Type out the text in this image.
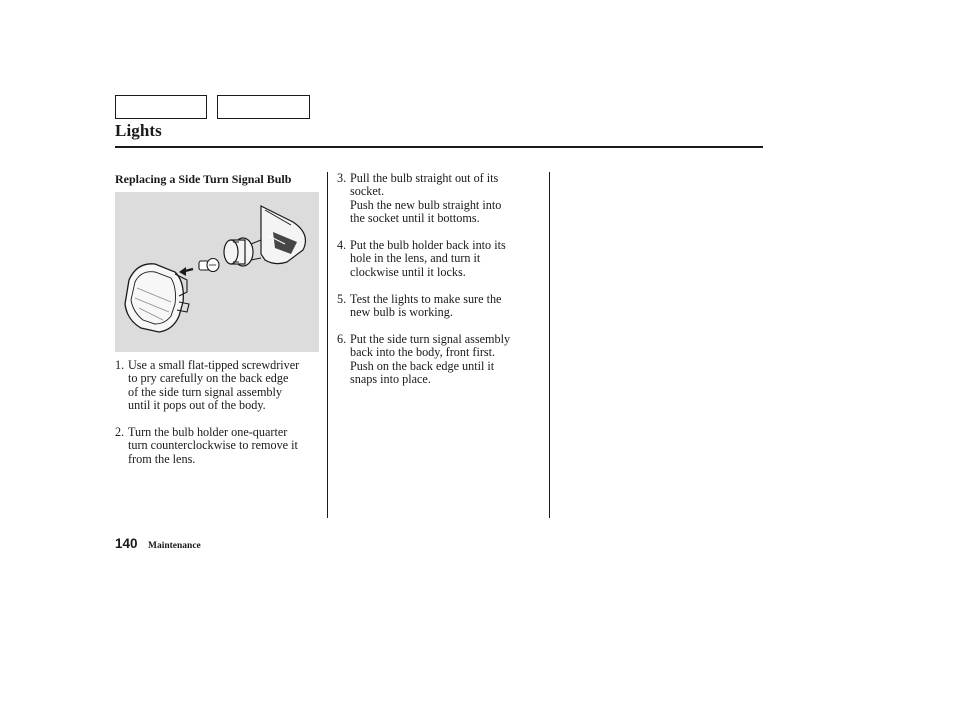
Lights
Replacing a Side Turn Signal Bulb
1. Use a small flat-tipped screwdriver
to pry carefully on the back edge
of the side turn signal assembly
until it pops out of the body.
2. Turn the bulb holder one-quarter
turn counterclockwise to remove it
from the lens.
3. Pull the bulb straight out of its
socket.
Push the new bulb straight into
the socket until it bottoms.
4. Put the bulb holder back into its
hole in the lens, and turn it
clockwise until it locks.
5. Test the lights to make sure the
new bulb is working.
6. Put the side turn signal assembly
back into the body, front first.
Push on the back edge until it
snaps into place.
140 Maintenance
